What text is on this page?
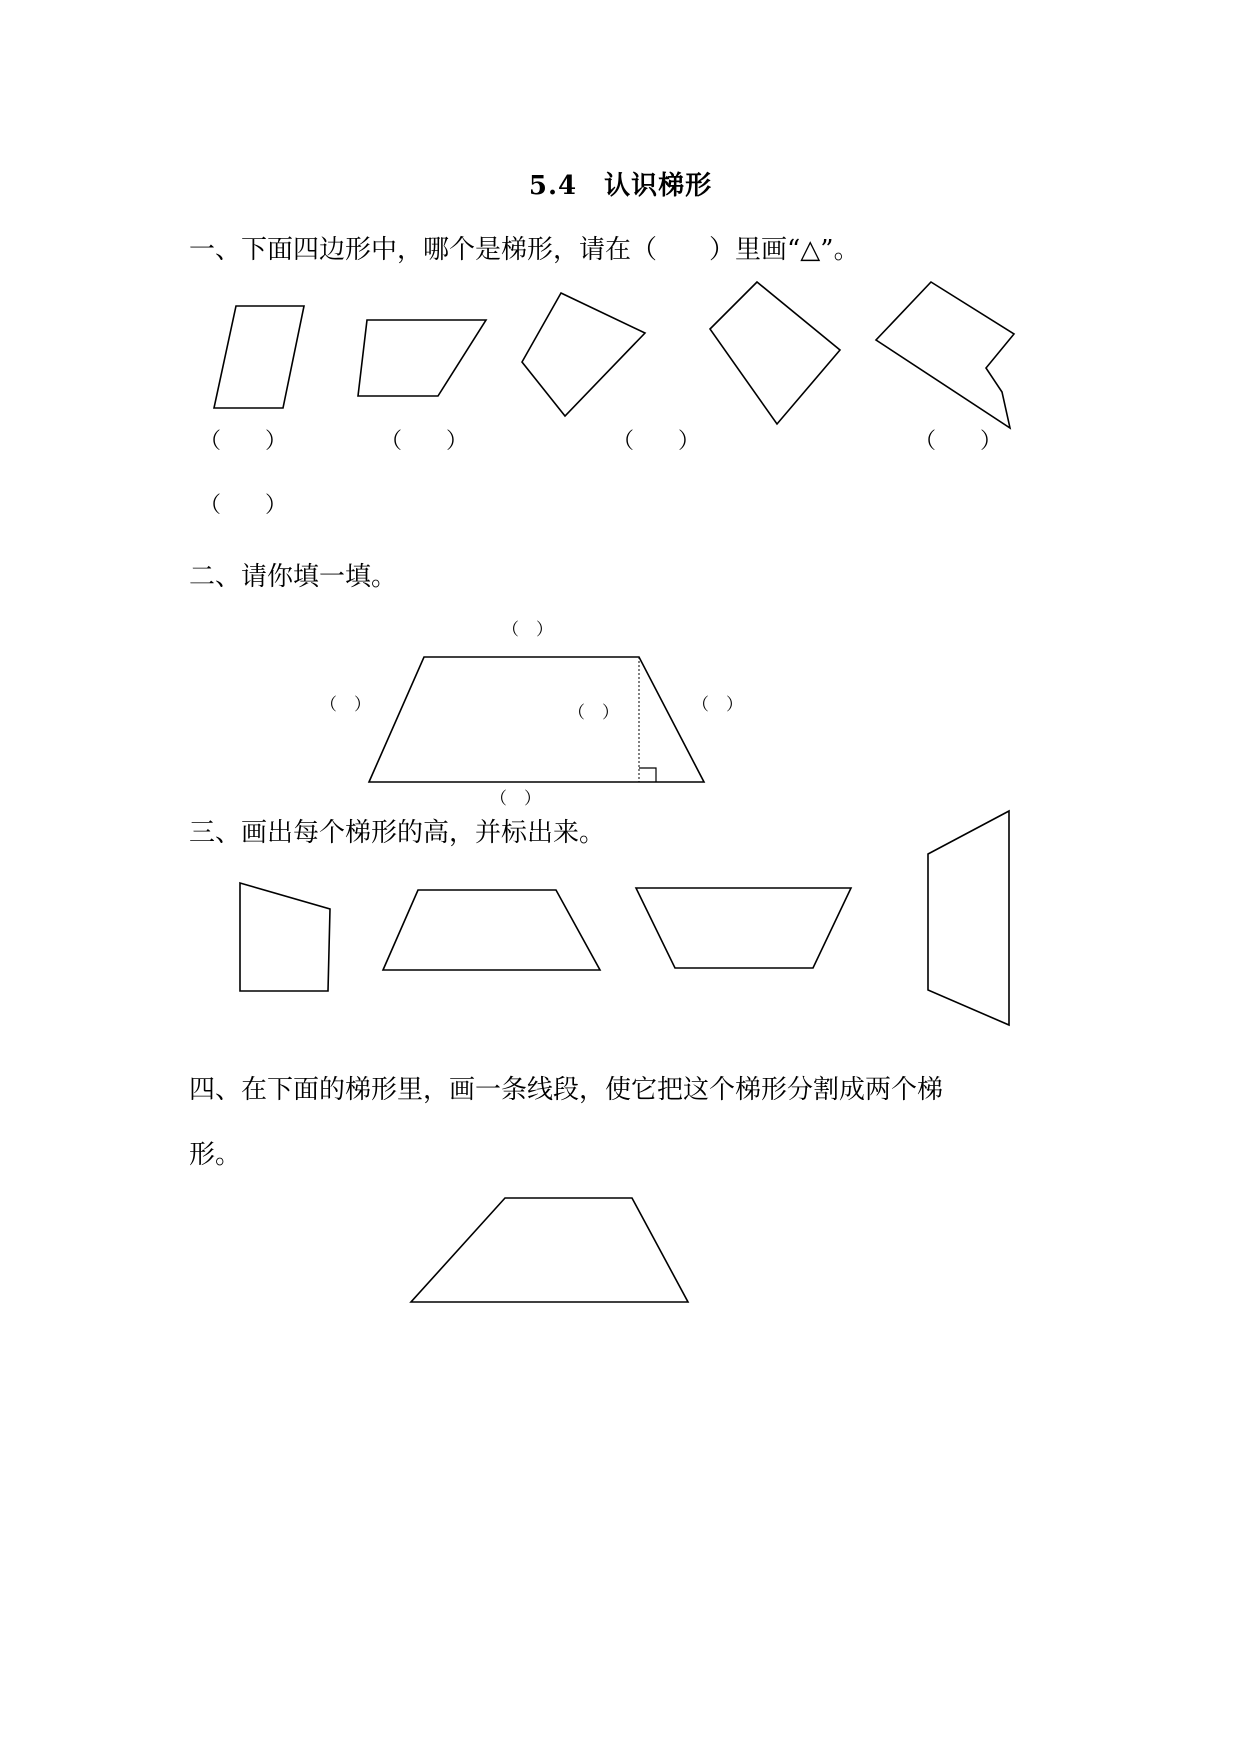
5.4　认识梯形
一、下面四边形中，哪个是梯形，请在（　　）里画“△”。
（　　）	（　　）	（　　）	（　　）
（　　）
二、请你填一填。
（　）
（　）	（　）	（　）
（　）
三、画出每个梯形的高，并标出来。
四、在下面的梯形里，画一条线段，使它把这个梯形分割成两个梯
形。
